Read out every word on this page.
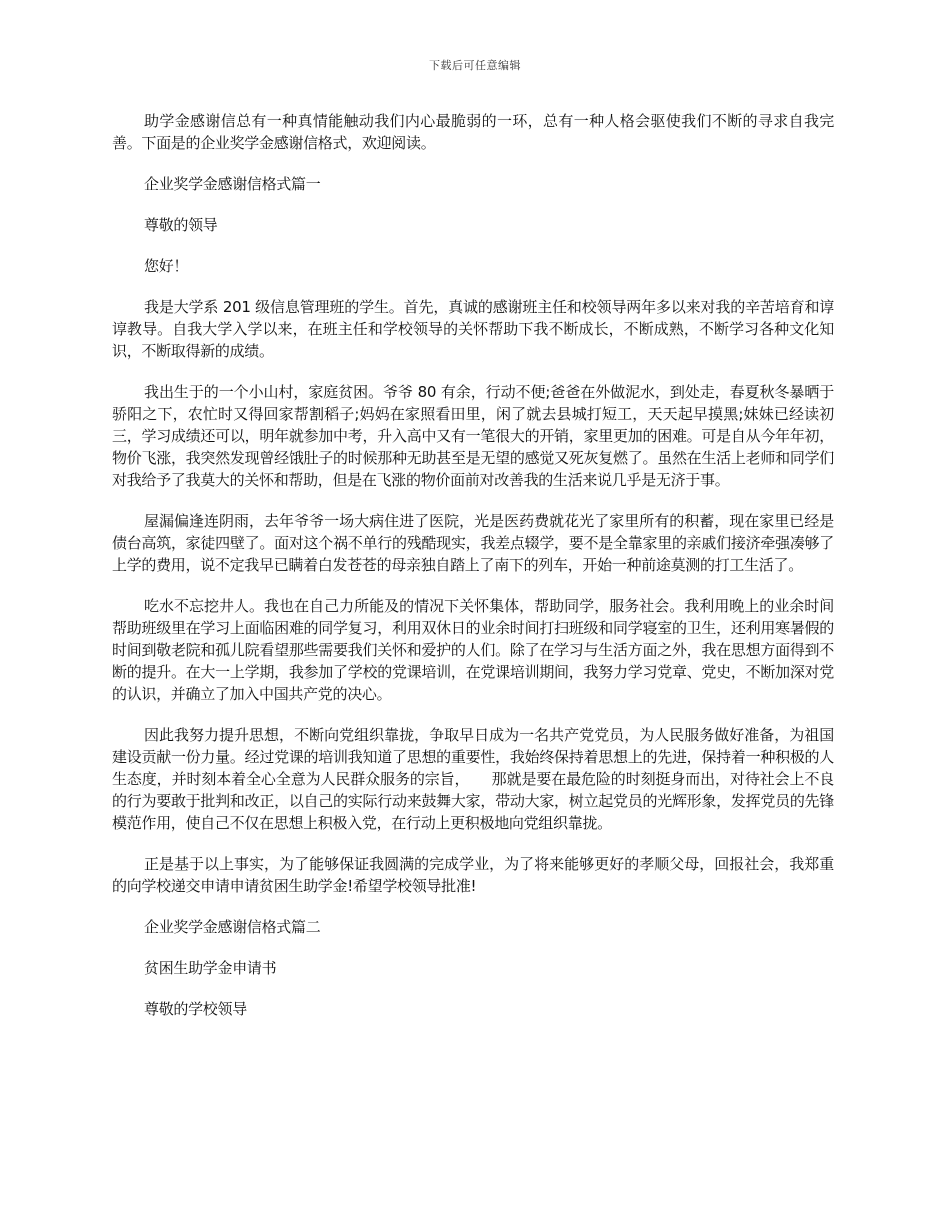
下载后可任意编辑

助学金感谢信总有一种真情能触动我们内心最脆弱的一环，总有一种人格会驱使我们不断的寻求自我完善。下面是的企业奖学金感谢信格式，欢迎阅读。

企业奖学金感谢信格式篇一

尊敬的领导

您好！

我是大学系 201 级信息管理班的学生。首先，真诚的感谢班主任和校领导两年多以来对我的辛苦培育和谆谆教导。自我大学入学以来，在班主任和学校领导的关怀帮助下我不断成长，不断成熟，不断学习各种文化知识，不断取得新的成绩。

我出生于的一个小山村，家庭贫困。爷爷 80 有余，行动不便;爸爸在外做泥水，到处走，春夏秋冬暴晒于骄阳之下，农忙时又得回家帮割稻子;妈妈在家照看田里，闲了就去县城打短工，天天起早摸黑;妹妹已经读初三，学习成绩还可以，明年就参加中考，升入高中又有一笔很大的开销，家里更加的困难。可是自从今年年初，物价飞涨，我突然发现曾经饿肚子的时候那种无助甚至是无望的感觉又死灰复燃了。虽然在生活上老师和同学们对我给予了我莫大的关怀和帮助，但是在飞涨的物价面前对改善我的生活来说几乎是无济于事。

屋漏偏逢连阴雨，去年爷爷一场大病住进了医院，光是医药费就花光了家里所有的积蓄，现在家里已经是债台高筑，家徒四壁了。面对这个祸不单行的残酷现实，我差点辍学，要不是全靠家里的亲戚们接济牵强凑够了上学的费用，说不定我早已瞒着白发苍苍的母亲独自踏上了南下的列车，开始一种前途莫测的打工生活了。

吃水不忘挖井人。我也在自己力所能及的情况下关怀集体，帮助同学，服务社会。我利用晚上的业余时间帮助班级里在学习上面临困难的同学复习，利用双休日的业余时间打扫班级和同学寝室的卫生，还利用寒暑假的时间到敬老院和孤儿院看望那些需要我们关怀和爱护的人们。除了在学习与生活方面之外，我在思想方面得到不断的提升。在大一上学期，我参加了学校的党课培训，在党课培训期间，我努力学习党章、党史，不断加深对党的认识，并确立了加入中国共产党的决心。

因此我努力提升思想，不断向党组织靠拢，争取早日成为一名共产党党员，为人民服务做好准备，为祖国建设贡献一份力量。经过党课的培训我知道了思想的重要性，我始终保持着思想上的先进，保持着一种积极的人生态度，并时刻本着全心全意为人民群众服务的宗旨，　　那就是要在最危险的时刻挺身而出，对待社会上不良的行为要敢于批判和改正，以自己的实际行动来鼓舞大家，带动大家，树立起党员的光辉形象，发挥党员的先锋模范作用，使自己不仅在思想上积极入党，在行动上更积极地向党组织靠拢。

正是基于以上事实，为了能够保证我圆满的完成学业，为了将来能够更好的孝顺父母，回报社会，我郑重的向学校递交申请申请贫困生助学金!希望学校领导批准!

企业奖学金感谢信格式篇二

贫困生助学金申请书

尊敬的学校领导
